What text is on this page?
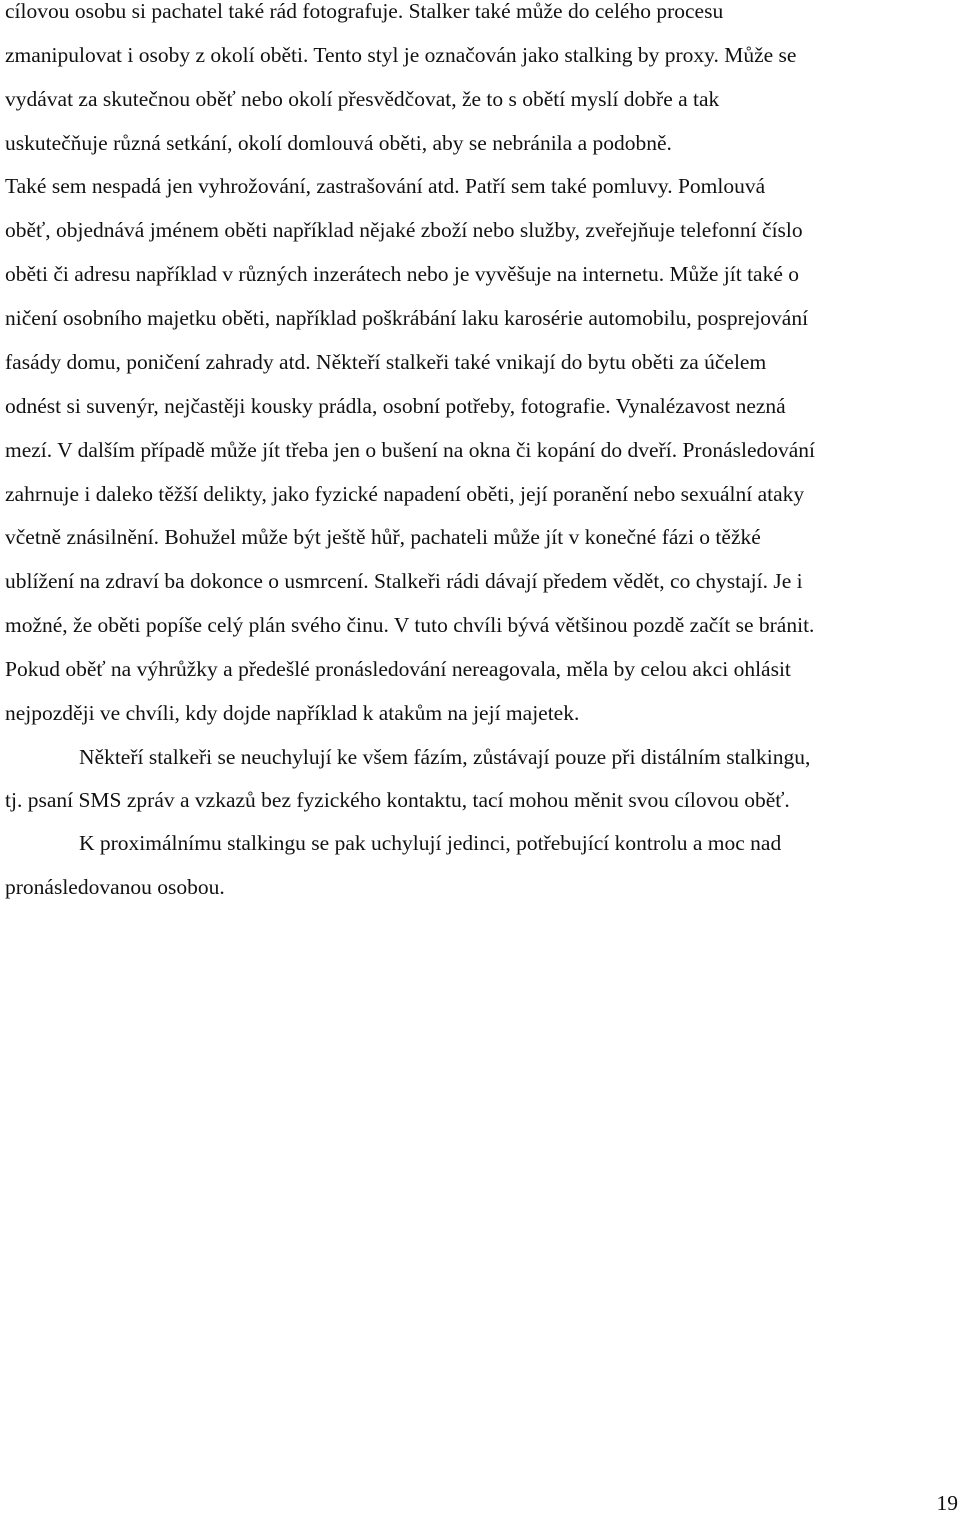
cílovou osobu si pachatel také rád fotografuje. Stalker také může do celého procesu
zmanipulovat i osoby z okolí oběti. Tento styl je označován jako stalking by proxy. Může se
vydávat za skutečnou oběť nebo okolí přesvědčovat, že to s obětí myslí dobře a tak
uskutečňuje různá setkání, okolí domlouvá oběti, aby se nebránila a podobně.
Také sem nespadá jen vyhrožování, zastrašování atd. Patří sem také pomluvy. Pomlouvá
oběť, objednává jménem oběti například nějaké zboží nebo služby, zveřejňuje telefonní číslo
oběti či adresu například v různých inzerátech nebo je vyvěšuje na internetu. Může jít také o
ničení osobního majetku oběti, například poškrábání laku karosérie automobilu, posprejování
fasády domu, poničení zahrady atd. Někteří stalkeři také vnikají do bytu oběti za účelem
odnést si suvenýr, nejčastěji kousky prádla, osobní potřeby, fotografie. Vynalézavost nezná
mezí. V dalším případě může jít třeba jen o bušení na okna či kopání do dveří. Pronásledování
zahrnuje i daleko těžší delikty, jako fyzické napadení oběti, její poranění nebo sexuální ataky
včetně znásilnění. Bohužel může být ještě hůř, pachateli může jít v konečné fázi o těžké
ublížení na zdraví ba dokonce o usmrcení. Stalkeři rádi dávají předem vědět, co chystají. Je i
možné, že oběti popíše celý plán svého činu. V tuto chvíli bývá většinou pozdě začít se bránit.
Pokud oběť na výhrůžky a předešlé pronásledování nereagovala, měla by celou akci ohlásit
nejpozději ve chvíli, kdy dojde například k atakům na její majetek.
Někteří stalkeři se neuchylují ke všem fázím, zůstávají pouze při distálním stalkingu,
tj. psaní SMS zpráv a vzkazů bez fyzického kontaktu, tací mohou měnit svou cílovou oběť.
K proximálnímu stalkingu se pak uchylují jedinci, potřebující kontrolu a moc nad
pronásledovanou osobou.
19
